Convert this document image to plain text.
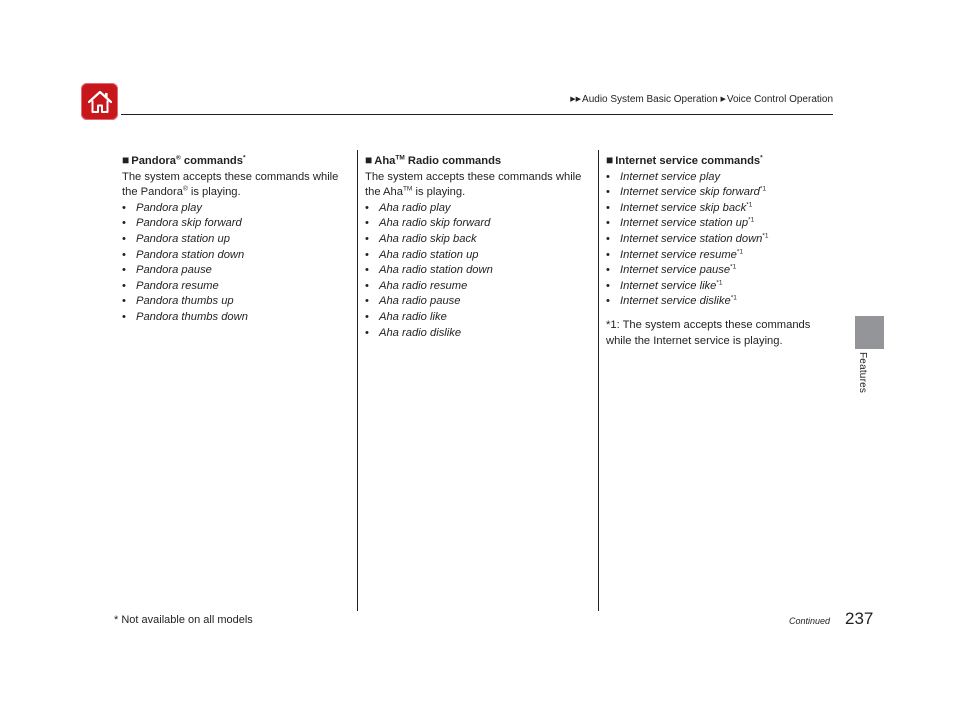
▶▶Audio System Basic Operation ▶Voice Control Operation
Features
■ Pandora® commands*
The system accepts these commands while the Pandora® is playing.
• Pandora play
• Pandora skip forward
• Pandora station up
• Pandora station down
• Pandora pause
• Pandora resume
• Pandora thumbs up
• Pandora thumbs down
■ Aha™ Radio commands
The system accepts these commands while the Aha™ is playing.
• Aha radio play
• Aha radio skip forward
• Aha radio skip back
• Aha radio station up
• Aha radio station down
• Aha radio resume
• Aha radio pause
• Aha radio like
• Aha radio dislike
■ Internet service commands*
• Internet service play
• Internet service skip forward$^{*1}$
• Internet service skip back$^{*1}$
• Internet service station $up^{*1}$
• Internet service station down$^{*1}$
• Internet service resume$^{*1}$
• Internet service pause$^{*1}$
• Internet service like$^{*1}$
• Internet service dislike$^{*1}$
*1: The system accepts these commands while the Internet service is playing.
* Not available on all models	Continued 237
